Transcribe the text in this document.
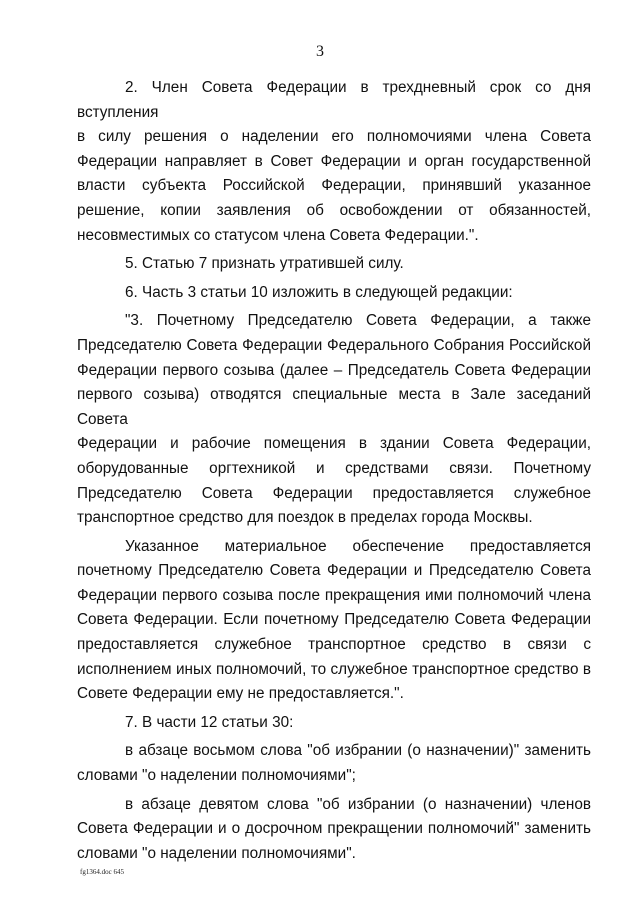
3
2. Член Совета Федерации в трехдневный срок со дня вступления
в силу решения о наделении его полномочиями члена Совета
Федерации направляет в Совет Федерации и орган государственной
власти субъекта Российской Федерации, принявший указанное
решение, копии заявления об освобождении от обязанностей,
несовместимых со статусом члена Совета Федерации.".
5. Статью 7 признать утратившей силу.
6. Часть 3 статьи 10 изложить в следующей редакции:
"3. Почетному Председателю Совета Федерации, а также
Председателю Совета Федерации Федерального Собрания Российской
Федерации первого созыва (далее – Председатель Совета Федерации
первого созыва) отводятся специальные места в Зале заседаний Совета
Федерации и рабочие помещения в здании Совета Федерации,
оборудованные оргтехникой и средствами связи. Почетному
Председателю Совета Федерации предоставляется служебное
транспортное средство для поездок в пределах города Москвы.
Указанное материальное обеспечение предоставляется
почетному Председателю Совета Федерации и Председателю Совета
Федерации первого созыва после прекращения ими полномочий члена
Совета Федерации. Если почетному Председателю Совета Федерации
предоставляется служебное транспортное средство в связи с
исполнением иных полномочий, то служебное транспортное средство в
Совете Федерации ему не предоставляется.".
7. В части 12 статьи 30:
в абзаце восьмом слова "об избрании (о назначении)" заменить
словами "о наделении полномочиями";
в абзаце девятом слова "об избрании (о назначении) членов
Совета Федерации и о досрочном прекращении полномочий" заменить
словами "о наделении полномочиями".
fg1364.doc 645
